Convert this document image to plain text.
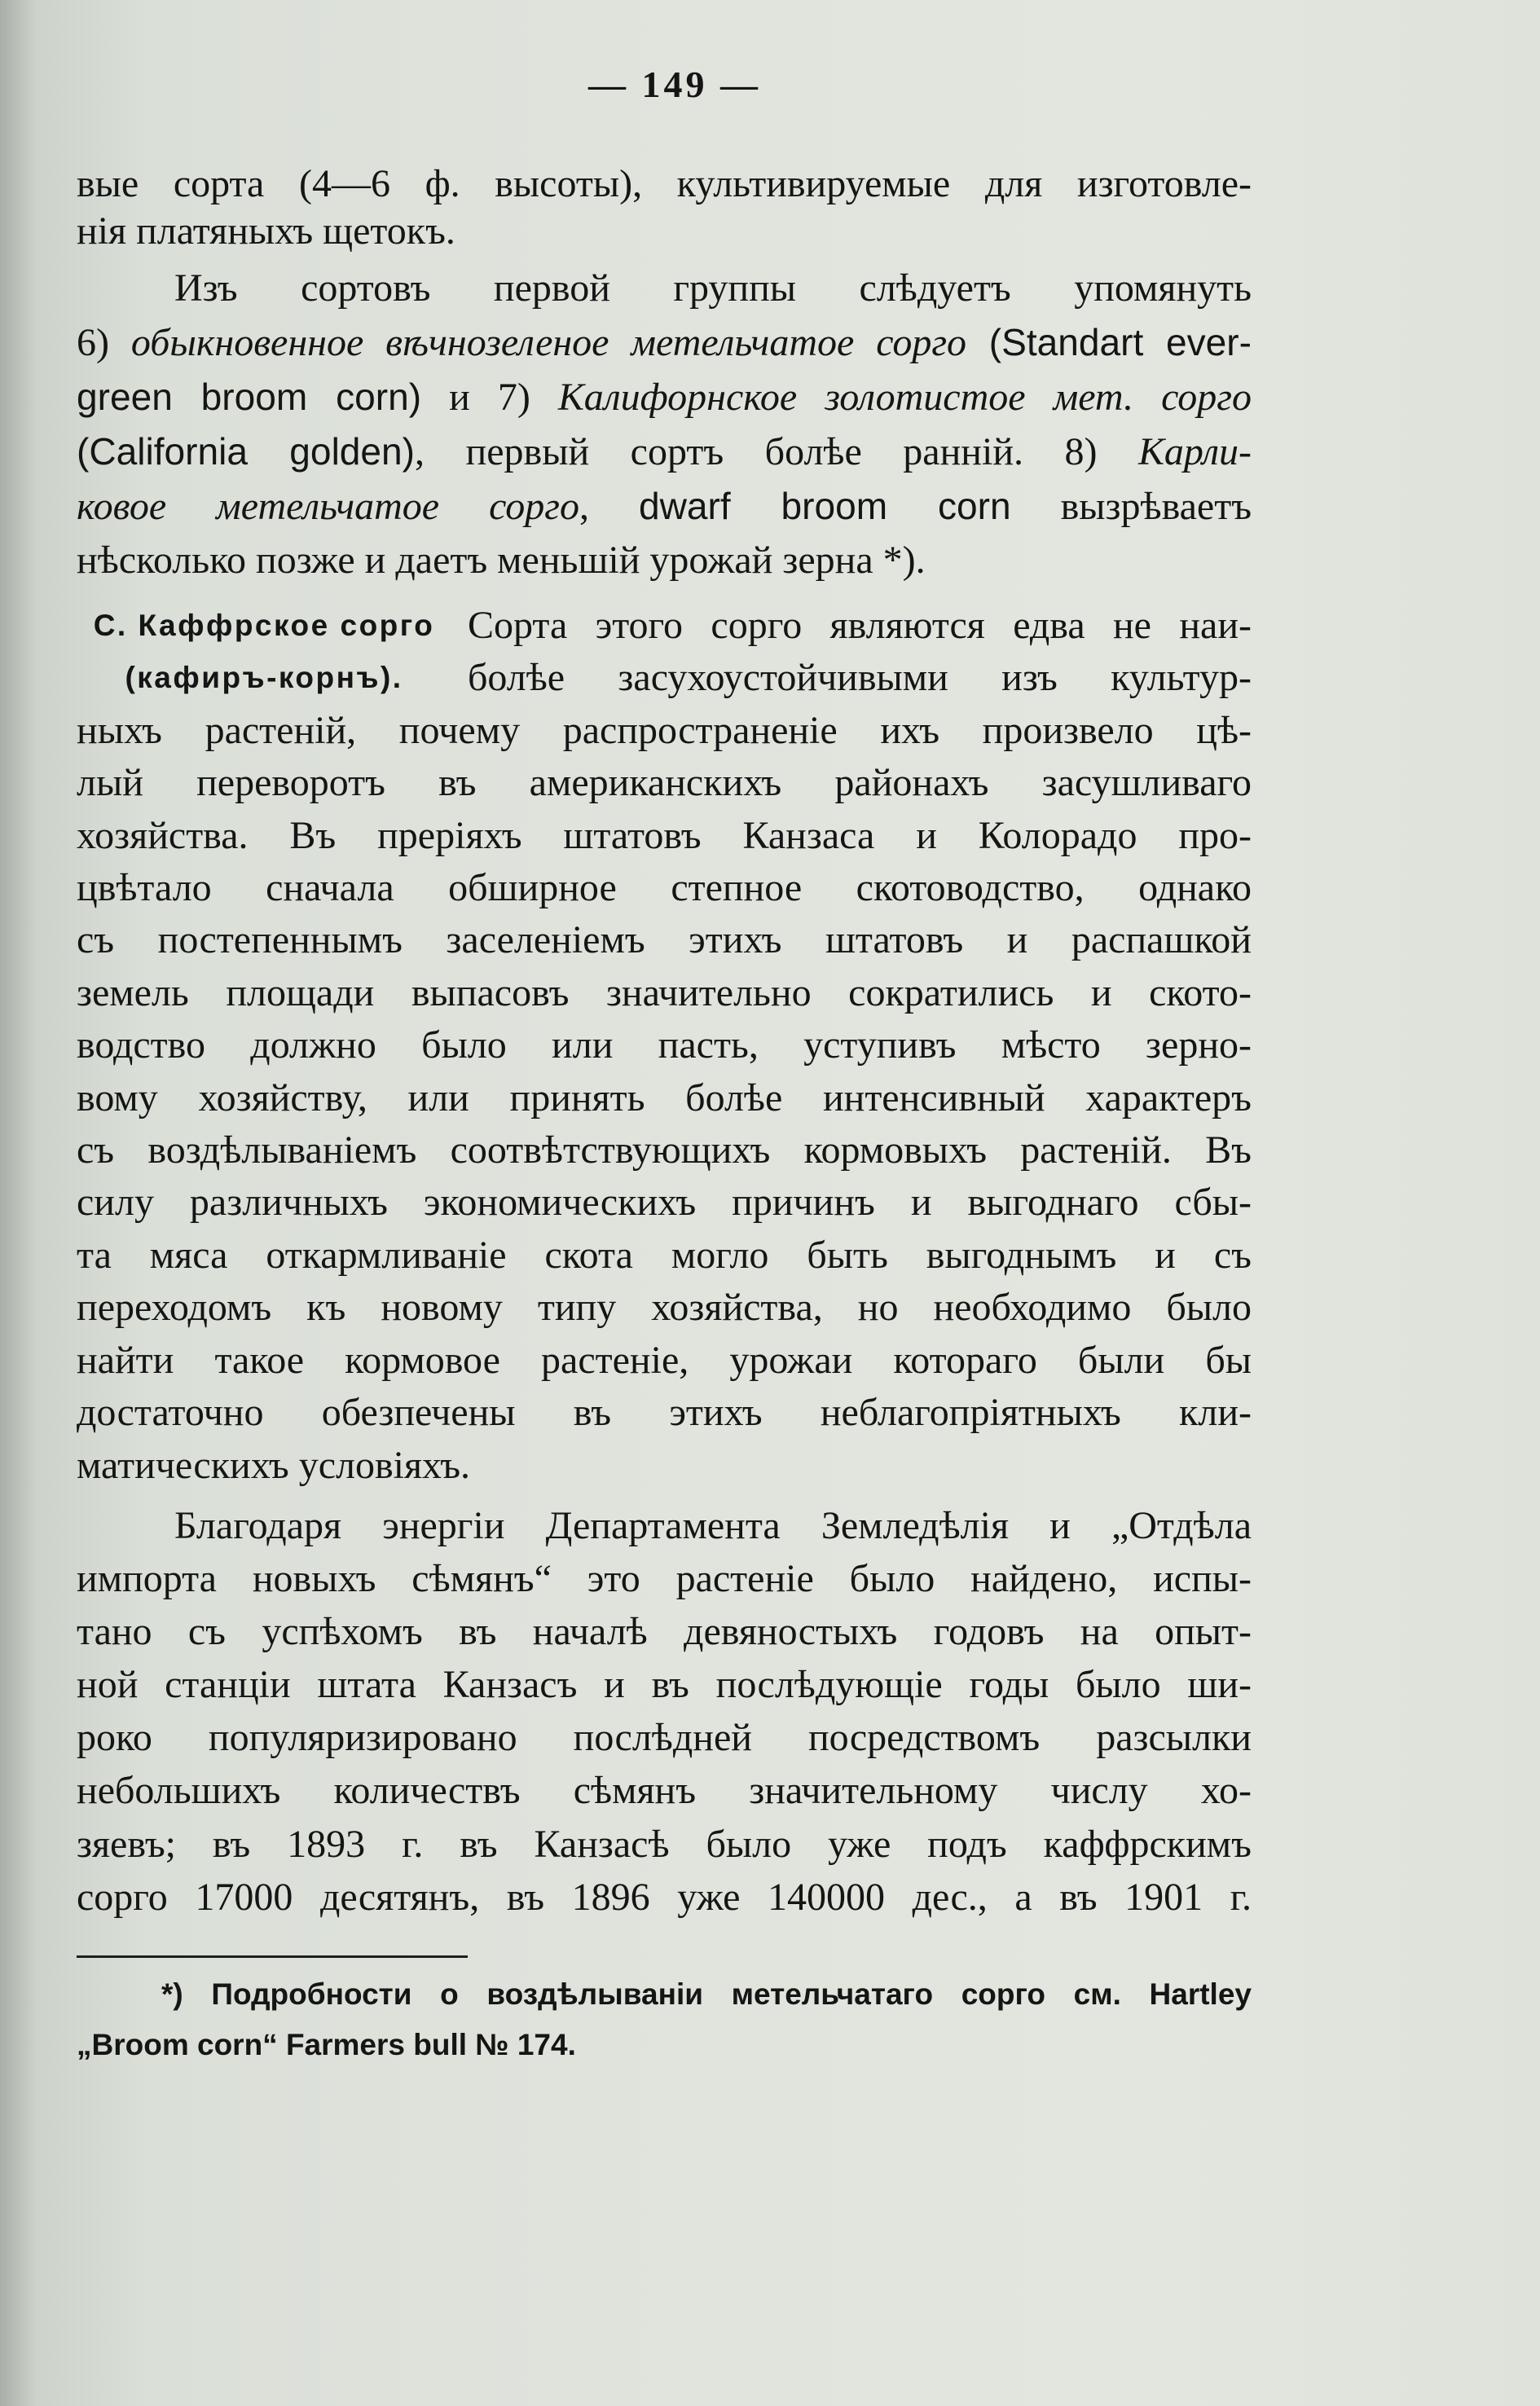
— 149 —
вые сорта (4—6 ф. высоты), культивируемые для изготовле-
нія платяныхъ щетокъ.
Изъ сортовъ первой группы слѣдуетъ упомянуть
6) обыкновенное вѣчнозеленое метельчатое сорго (Standart ever-
green broom corn) и 7) Калифорнское золотистое мет. сорго
(California golden), первый сортъ болѣе ранній. 8) Карли-
ковое метельчатое сорго, dwarf broom corn вызрѣваетъ
нѣсколько позже и даетъ меньшій урожай зерна *).
С. Каффрское сорго
(кафиръ-корнъ).
Сорта этого сорго являются едва не наи-
болѣе засухоустойчивыми изъ культур-
ныхъ растеній, почему распространеніе ихъ произвело цѣ-
лый переворотъ въ американскихъ районахъ засушливаго
хозяйства. Въ преріяхъ штатовъ Канзаса и Колорадо про-
цвѣтало сначала обширное степное скотоводство, однако
съ постепеннымъ заселеніемъ этихъ штатовъ и распашкой
земель площади выпасовъ значительно сократились и ското-
водство должно было или пасть, уступивъ мѣсто зерно-
вому хозяйству, или принять болѣе интенсивный характеръ
съ воздѣлываніемъ соотвѣтствующихъ кормовыхъ растеній. Въ
силу различныхъ экономическихъ причинъ и выгоднаго сбы-
та мяса откармливаніе скота могло быть выгоднымъ и съ
переходомъ къ новому типу хозяйства, но необходимо было
найти такое кормовое растеніе, урожаи котораго были бы
достаточно обезпечены въ этихъ неблагопріятныхъ кли-
матическихъ условіяхъ.
Благодаря энергіи Департамента Земледѣлія и „Отдѣла
импорта новыхъ сѣмянъ“ это растеніе было найдено, испы-
тано съ успѣхомъ въ началѣ девяностыхъ годовъ на опыт-
ной станціи штата Канзасъ и въ послѣдующіе годы было ши-
роко популяризировано послѣдней посредствомъ разсылки
небольшихъ количествъ сѣмянъ значительному числу хо-
зяевъ; въ 1893 г. въ Канзасѣ было уже подъ каффрскимъ
сорго 17000 десятянъ, въ 1896 уже 140000 дес., а въ 1901 г.
*) Подробности о воздѣлываніи метельчатаго сорго см. Hartley
„Broom corn“ Farmers bull № 174.
